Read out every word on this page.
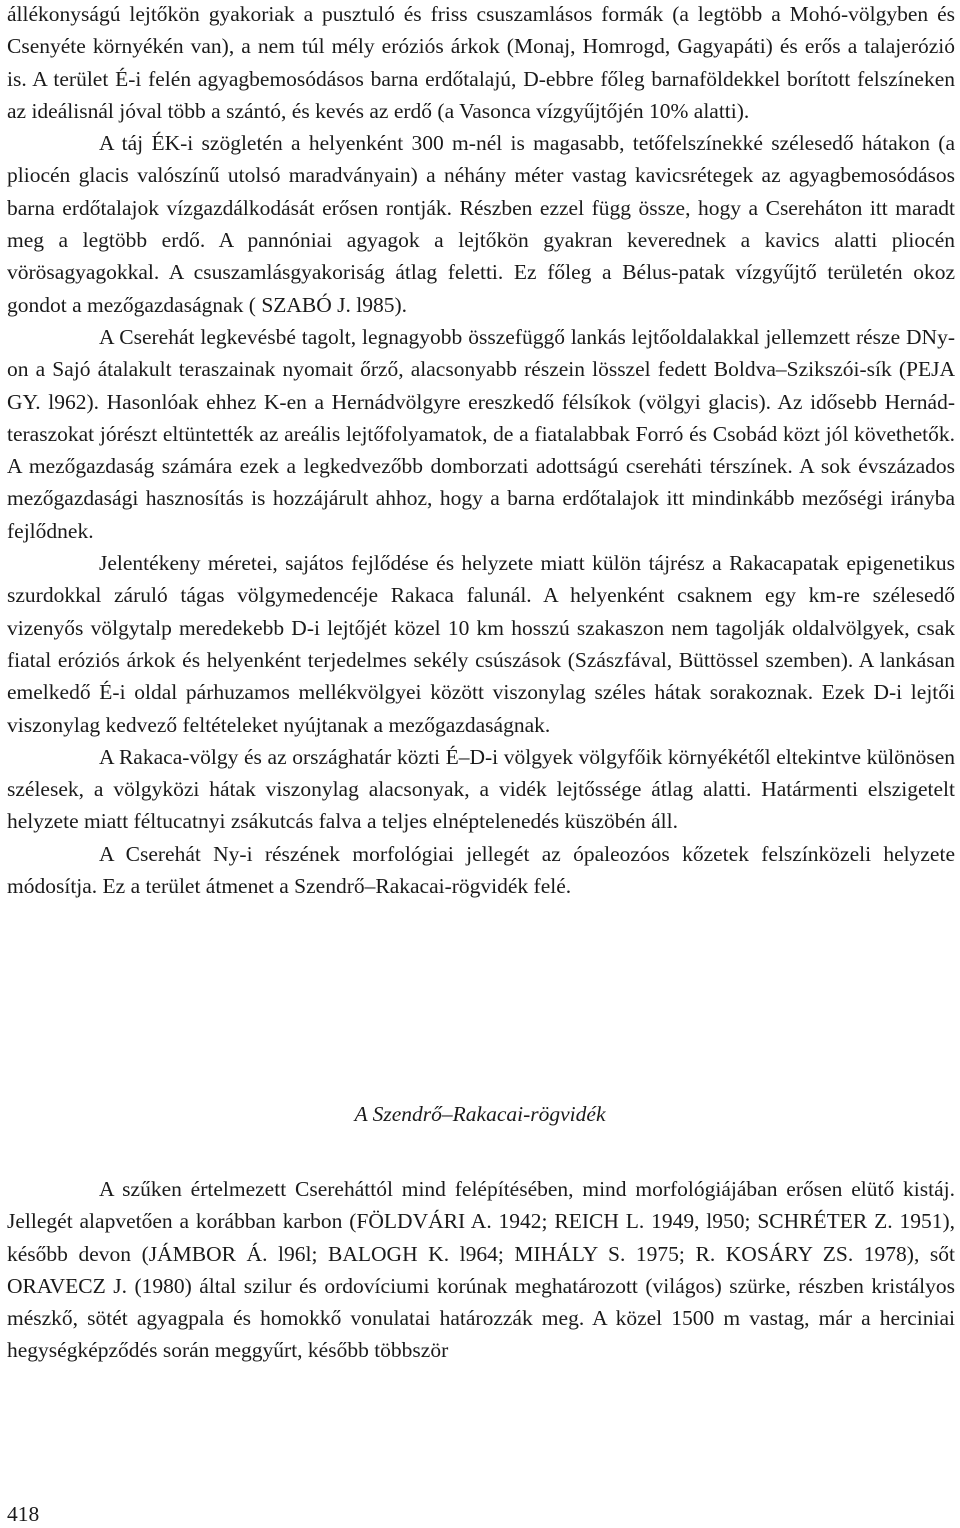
állékonyságú lejtőkön gyakoriak a pusztuló és friss csuszamlásos formák (a legtöbb a Mohó-völgyben és Csenyéte környékén van), a nem túl mély eróziós árkok (Monaj, Homrogd, Gagyapáti) és erős a talajerózió is. A terület É-i felén agyagbemosódásos barna erdőtalajú, D-ebbre főleg barnaföldekkel borított felszíneken az ideálisnál jóval több a szántó, és kevés az erdő (a Vasonca vízgyűjtőjén 10% alatti).

A táj ÉK-i szögletén a helyenként 300 m-nél is magasabb, tetőfelszínekké szélesedő hátakon (a pliocén glacis valószínű utolsó maradványain) a néhány méter vastag kavicsrétegek az agyagbemosódásos barna erdőtalajok vízgazdálkodását erősen rontják. Részben ezzel függ össze, hogy a Csereháton itt maradt meg a legtöbb erdő. A pannóniai agyagok a lejtőkön gyakran keverednek a kavics alatti pliocén vörösagyagokkal. A csuszamlásgyakoriság átlag feletti. Ez főleg a Bélus-patak vízgyűjtő területén okoz gondot a mezőgazdaságnak ( SZABÓ J. l985).

A Cserehát legkevésbé tagolt, legnagyobb összefüggő lankás lejtőoldalakkal jellemzett része DNy-on a Sajó átalakult teraszainak nyomait őrző, alacsonyabb részein lösszel fedett Boldva–Szikszói-sík (PEJA GY. l962). Hasonlóak ehhez K-en a Hernádvölgyre ereszkedő félsíkok (völgyi glacis). Az idősebb Hernád-teraszokat jórészt eltüntették az areális lejtőfolyamatok, de a fiatalabbak Forró és Csobád közt jól követhetők. A mezőgazdaság számára ezek a legkedvezőbb domborzati adottságú csereháti térszínek. A sok évszázados mezőgazdasági hasznosítás is hozzájárult ahhoz, hogy a barna erdőtalajok itt mindinkább mezőségi irányba fejlődnek.

Jelentékeny méretei, sajátos fejlődése és helyzete miatt külön tájrész a Rakacapatak epigenetikus szurdokkal záruló tágas völgymedencéje Rakaca falunál. A helyenként csaknem egy km-re szélesedő vizenyős völgytalp meredekebb D-i lejtőjét közel 10 km hosszú szakaszon nem tagolják oldalvölgyek, csak fiatal eróziós árkok és helyenként terjedelmes sekély csúszások (Szászfával, Büttössel szemben). A lankásan emelkedő É-i oldal párhuzamos mellékvölgyei között viszonylag széles hátak sorakoznak. Ezek D-i lejtői viszonylag kedvező feltételeket nyújtanak a mezőgazdaságnak.

A Rakaca-völgy és az országhatár közti É–D-i völgyek völgyfőik környékétől eltekintve különösen szélesek, a völgyközi hátak viszonylag alacsonyak, a vidék lejtőssége átlag alatti. Határmenti elszigetelt helyzete miatt féltucatnyi zsákutcás falva a teljes elnéptelenedés küszöbén áll.

A Cserehát Ny-i részének morfológiai jellegét az ópaleozóos kőzetek felszínközeli helyzete módosítja. Ez a terület átmenet a Szendrő–Rakacai-rögvidék felé.

A Szendrő–Rakacai-rögvidék

A szűken értelmezett Csereháttól mind felépítésében, mind morfológiájában erősen elütő kistáj. Jellegét alapvetően a korábban karbon (FÖLDVÁRI A. 1942; REICH L. 1949, l950; SCHRÉTER Z. 1951), később devon (JÁMBOR Á. l96l; BALOGH K. l964; MIHÁLY S. 1975; R. KOSÁRY ZS. 1978), sőt ORAVECZ J. (1980) által szilur és ordovíciumi korúnak meghatározott (világos) szürke, részben kristályos mészkő, sötét agyagpala és homokkő vonulatai határozzák meg. A közel 1500 m vastag, már a herciniai hegységképződés során meggyűrt, később többször

418
